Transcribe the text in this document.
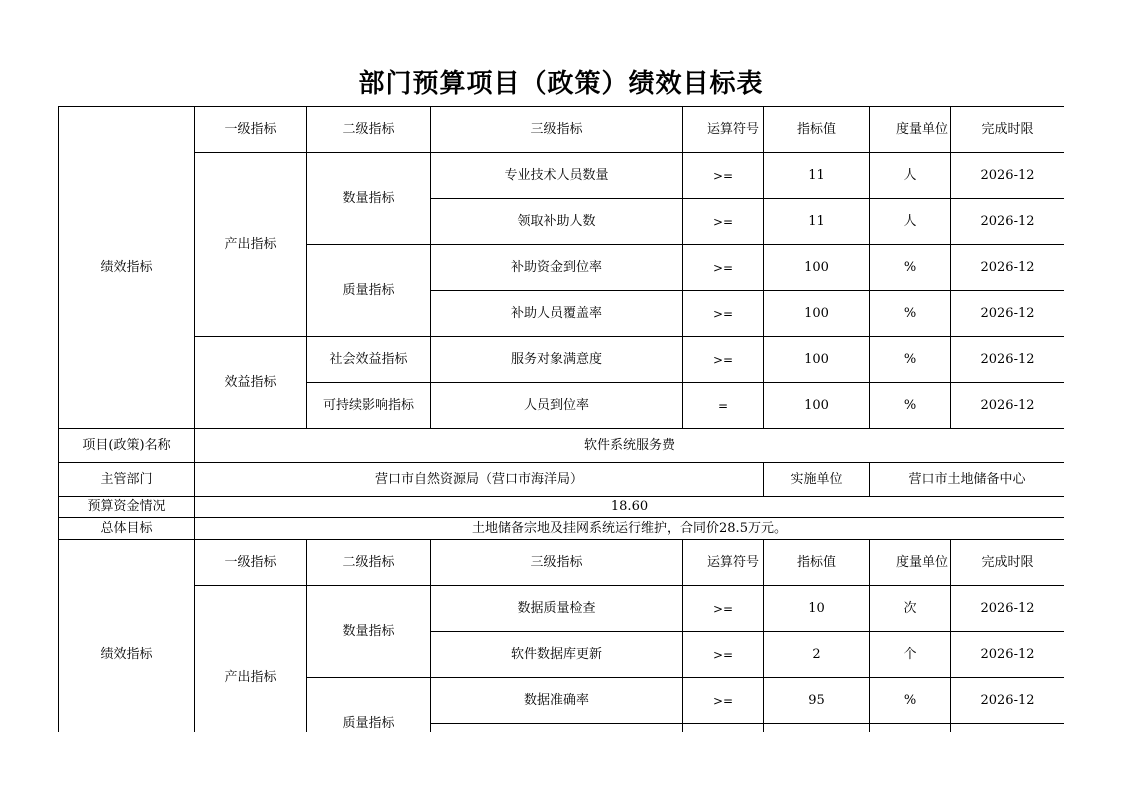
部门预算项目（政策）绩效目标表
绩效指标	一级指标	二级指标	三级指标	运算符号	指标值	度量单位	完成时限
	产出指标	数量指标	专业技术人员数量	>=	11	人	2026-12
			领取补助人数	>=	11	人	2026-12
		质量指标	补助资金到位率	>=	100	%	2026-12
			补助人员覆盖率	>=	100	%	2026-12
	效益指标	社会效益指标	服务对象满意度	>=	100	%	2026-12
		可持续影响指标	人员到位率	=	100	%	2026-12
项目(政策)名称	软件系统服务费						
主管部门	营口市自然资源局（营口市海洋局）				实施单位	营口市土地储备中心	
预算资金情况	18.60						
总体目标	土地储备宗地及挂网系统运行维护，合同价28.5万元。						
绩效指标	一级指标	二级指标	三级指标	运算符号	指标值	度量单位	完成时限
	产出指标	数量指标	数据质量检查	>=	10	次	2026-12
			软件数据库更新	>=	2	个	2026-12
		质量指标	数据准确率	>=	95	%	2026-12
